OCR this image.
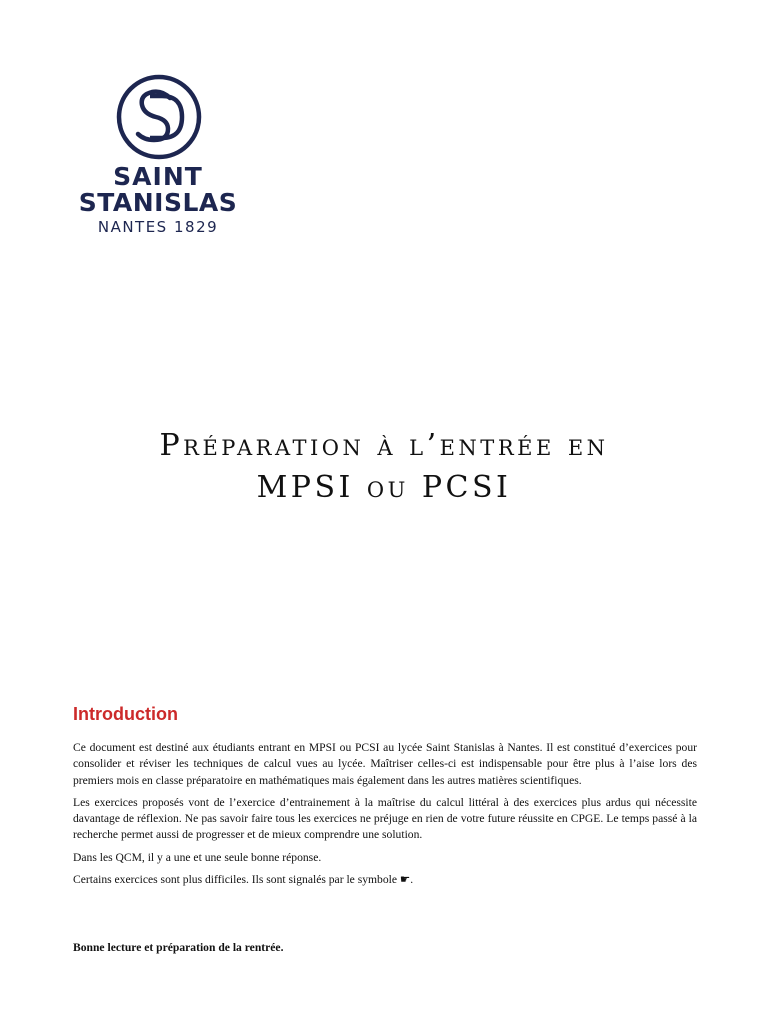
SAINT
STANISLAS
NANTES 1829
Préparation à l’entrée en
MPSI ou PCSI
Introduction

Ce document est destiné aux étudiants entrant en MPSI ou PCSI au lycée Saint Stanislas à Nantes. Il est constitué d’exercices pour consolider et réviser les techniques de calcul vues au lycée. Maîtriser celles-ci est indispensable pour être plus à l’aise lors des premiers mois en classe préparatoire en mathématiques mais également dans les autres matières scientifiques.

Les exercices proposés vont de l’exercice d’entrainement à la maîtrise du calcul littéral à des exercices plus ardus qui nécessite davantage de réflexion. Ne pas savoir faire tous les exercices ne préjuge en rien de votre future réussite en CPGE. Le temps passé à la recherche permet aussi de progresser et de mieux comprendre une solution.

Dans les QCM, il y a une et une seule bonne réponse.

Certains exercices sont plus difficiles. Ils sont signalés par le symbole ☛.

Bonne lecture et préparation de la rentrée.
